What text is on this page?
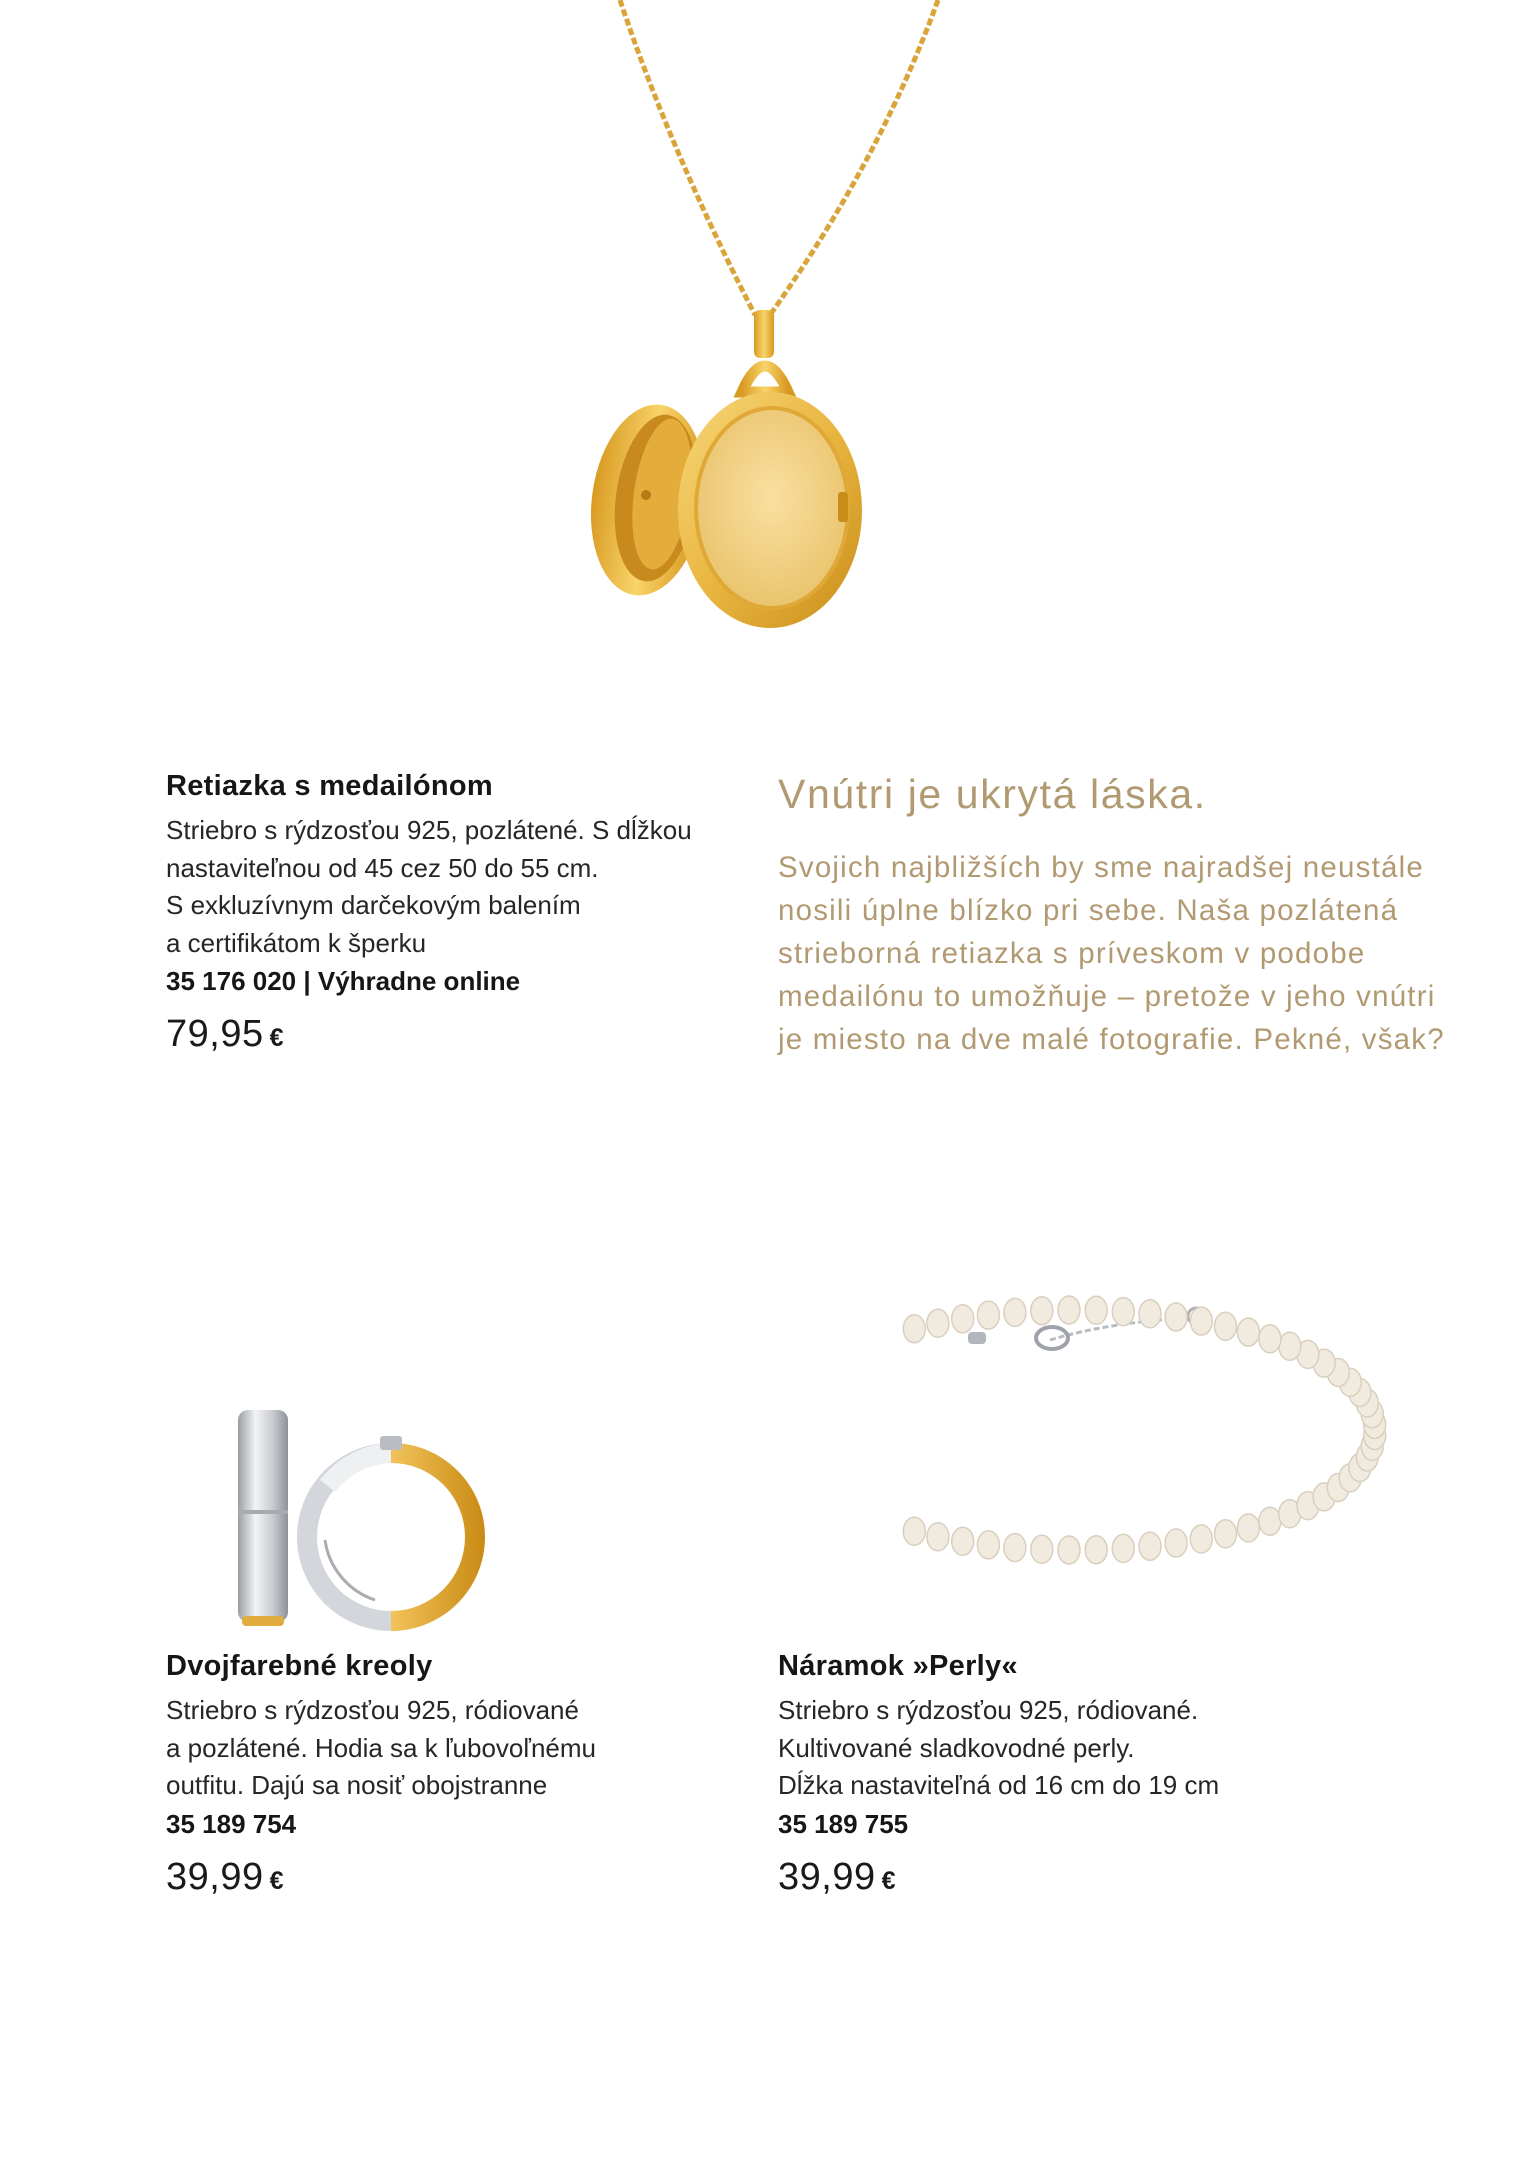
Retiazka s medailónom
Striebro s rýdzosťou 925, pozlátené. S dĺžkou
nastaviteľnou od 45 cez 50 do 55 cm.
S exkluzívnym darčekovým balením
a certifikátom k šperku
35 176 020 | Výhradne online
79,95 €
Vnútri je ukrytá láska.
Svojich najbližších by sme najradšej neustále
nosili úplne blízko pri sebe. Naša pozlátená
strieborná retiazka s príveskom v podobe
medailónu to umožňuje – pretože v jeho vnútri
je miesto na dve malé fotografie. Pekné, však?
Dvojfarebné kreoly
Striebro s rýdzosťou 925, ródiované
a pozlátené. Hodia sa k ľubovoľnému
outfitu. Dajú sa nosiť obojstranne
35 189 754
39,99 €
Náramok »Perly«
Striebro s rýdzosťou 925, ródiované.
Kultivované sladkovodné perly.
Dĺžka nastaviteľná od 16 cm do 19 cm
35 189 755
39,99 €
